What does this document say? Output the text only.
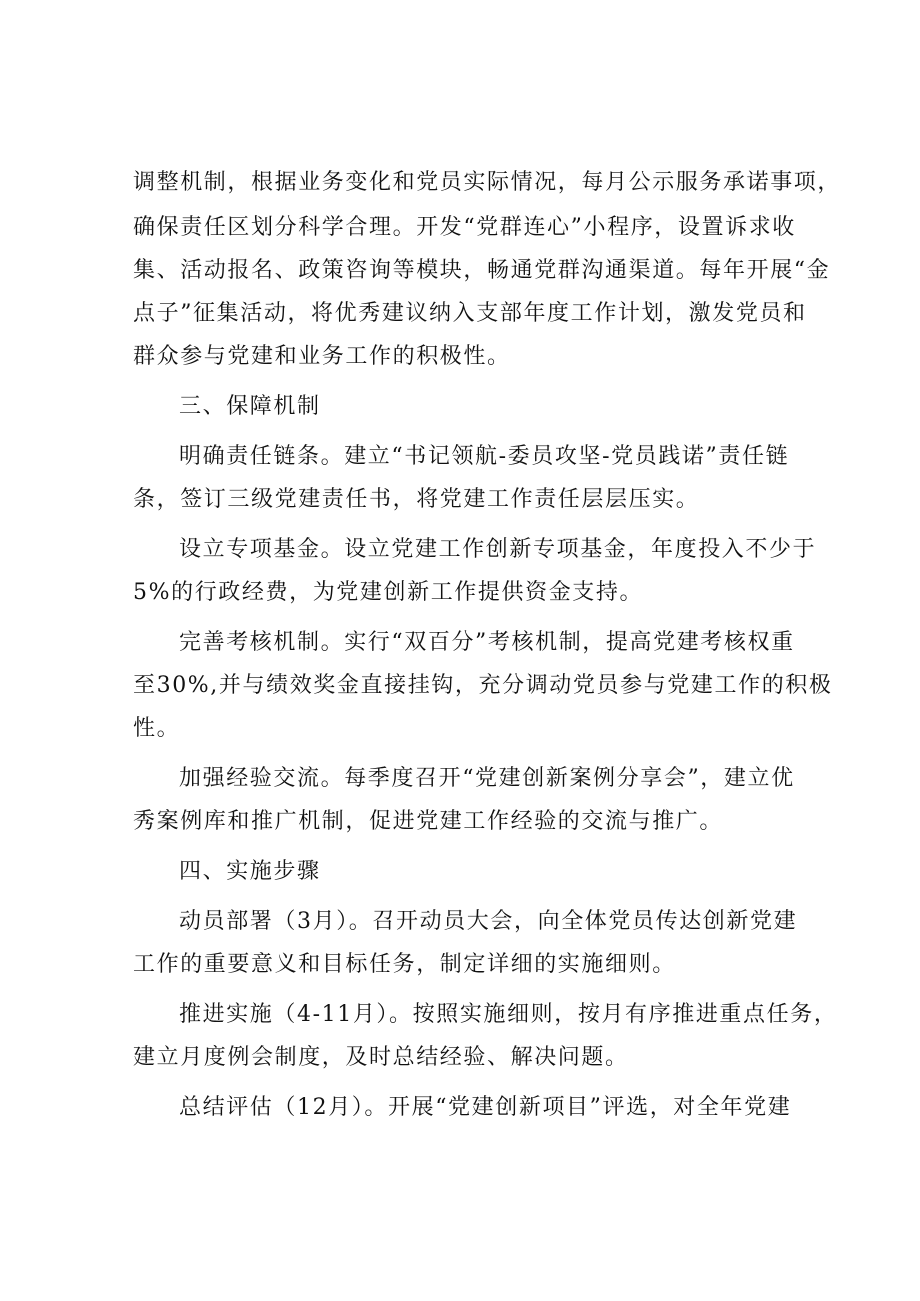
调整机制，根据业务变化和党员实际情况，每月公示服务承诺事项，
确保责任区划分科学合理。开发“党群连心”小程序，设置诉求收
集、活动报名、政策咨询等模块，畅通党群沟通渠道。每年开展“金
点子”征集活动，将优秀建议纳入支部年度工作计划，激发党员和
群众参与党建和业务工作的积极性。
三、保障机制
明确责任链条。建立“书记领航-委员攻坚-党员践诺”责任链
条，签订三级党建责任书，将党建工作责任层层压实。
设立专项基金。设立党建工作创新专项基金，年度投入不少于
5%的行政经费，为党建创新工作提供资金支持。
完善考核机制。实行“双百分”考核机制，提高党建考核权重
至30%,并与绩效奖金直接挂钩，充分调动党员参与党建工作的积极
性。
加强经验交流。每季度召开“党建创新案例分享会”，建立优
秀案例库和推广机制，促进党建工作经验的交流与推广。
四、实施步骤
动员部署（3月）。召开动员大会，向全体党员传达创新党建
工作的重要意义和目标任务，制定详细的实施细则。
推进实施（4-11月）。按照实施细则，按月有序推进重点任务，
建立月度例会制度，及时总结经验、解决问题。
总结评估（12月）。开展“党建创新项目”评选，对全年党建
